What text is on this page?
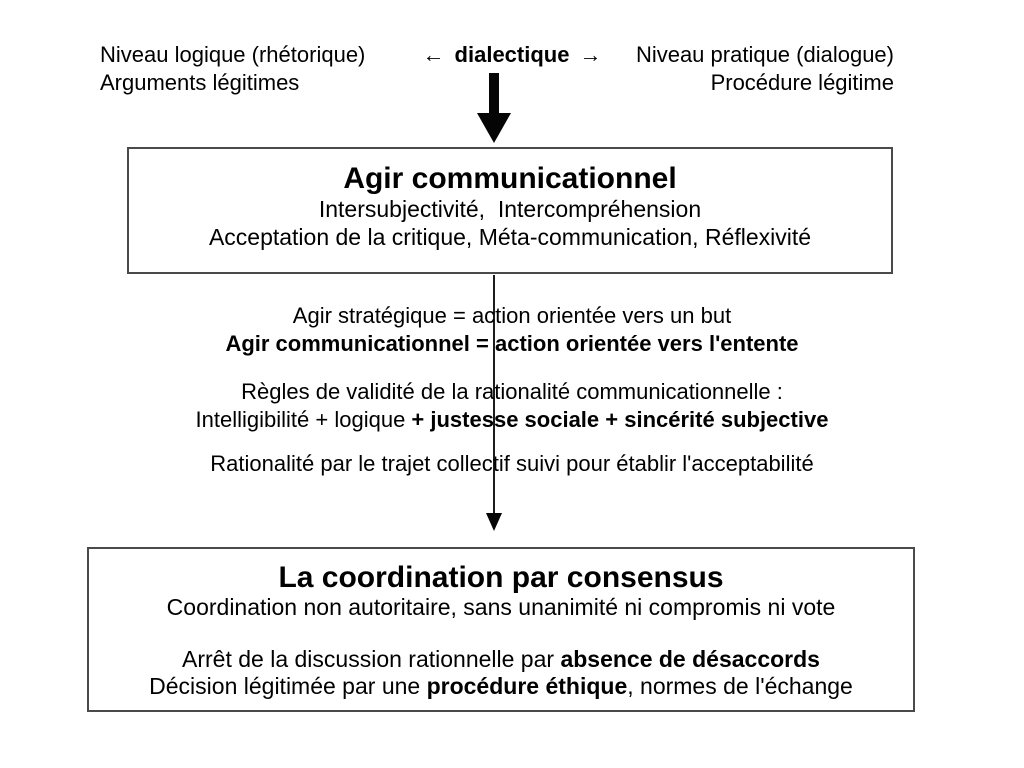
Niveau logique (rhétorique)	← dialectique → Niveau pratique (dialogue)
Arguments légitimes	Procédure légitime
Agir communicationnel
Intersubjectivité,  Intercompréhension
Acceptation de la critique, Méta-communication, Réflexivité
Agir stratégique = action orientée vers un but
Agir communicationnel = action orientée vers l'entente
Règles de validité de la rationalité communicationnelle :
Intelligibilité + logique + justesse sociale + sincérité subjective
Rationalité par le trajet collectif suivi pour établir l'acceptabilité
La coordination par consensus
Coordination non autoritaire, sans unanimité ni compromis ni vote
Arrêt de la discussion rationnelle par absence de désaccords
Décision légitimée par une procédure éthique, normes de l'échange
